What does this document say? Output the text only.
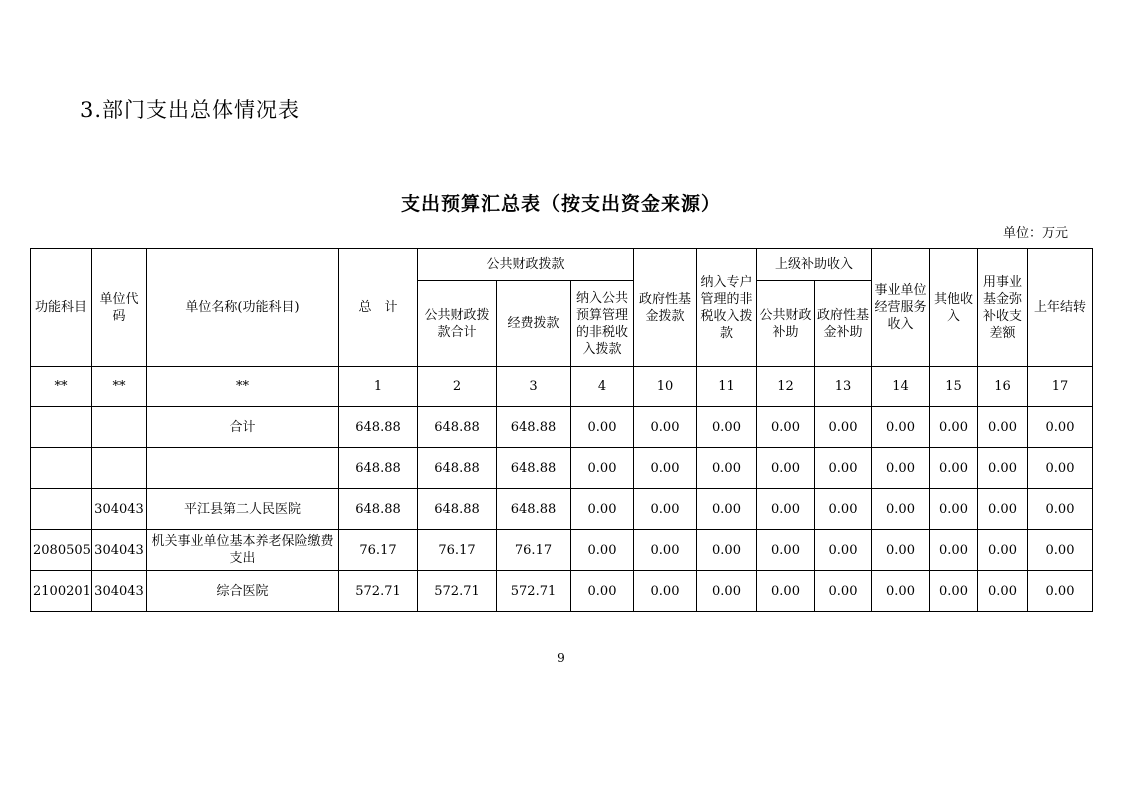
3.部门支出总体情况表
支出预算汇总表（按支出资金来源）
单位：万元
功能科目	单位代码	单位名称(功能科目)	总　计	公共财政拨款			政府性基金拨款	纳入专户管理的非税收入拨款	上级补助收入		事业单位经营服务收入	其他收入	用事业基金弥补收支差额	上年结转
				公共财政拨款合计	经费拨款	纳入公共预算管理的非税收入拨款			公共财政补助	政府性基金补助				
**	**	**	1	2	3	4	10	11	12	13	14	15	16	17
		合计	648.88	648.88	648.88	0.00	0.00	0.00	0.00	0.00	0.00	0.00	0.00	0.00
			648.88	648.88	648.88	0.00	0.00	0.00	0.00	0.00	0.00	0.00	0.00	0.00
	304043	平江县第二人民医院	648.88	648.88	648.88	0.00	0.00	0.00	0.00	0.00	0.00	0.00	0.00	0.00
2080505	304043	机关事业单位基本养老保险缴费支出	76.17	76.17	76.17	0.00	0.00	0.00	0.00	0.00	0.00	0.00	0.00	0.00
2100201	304043	综合医院	572.71	572.71	572.71	0.00	0.00	0.00	0.00	0.00	0.00	0.00	0.00	0.00
9
